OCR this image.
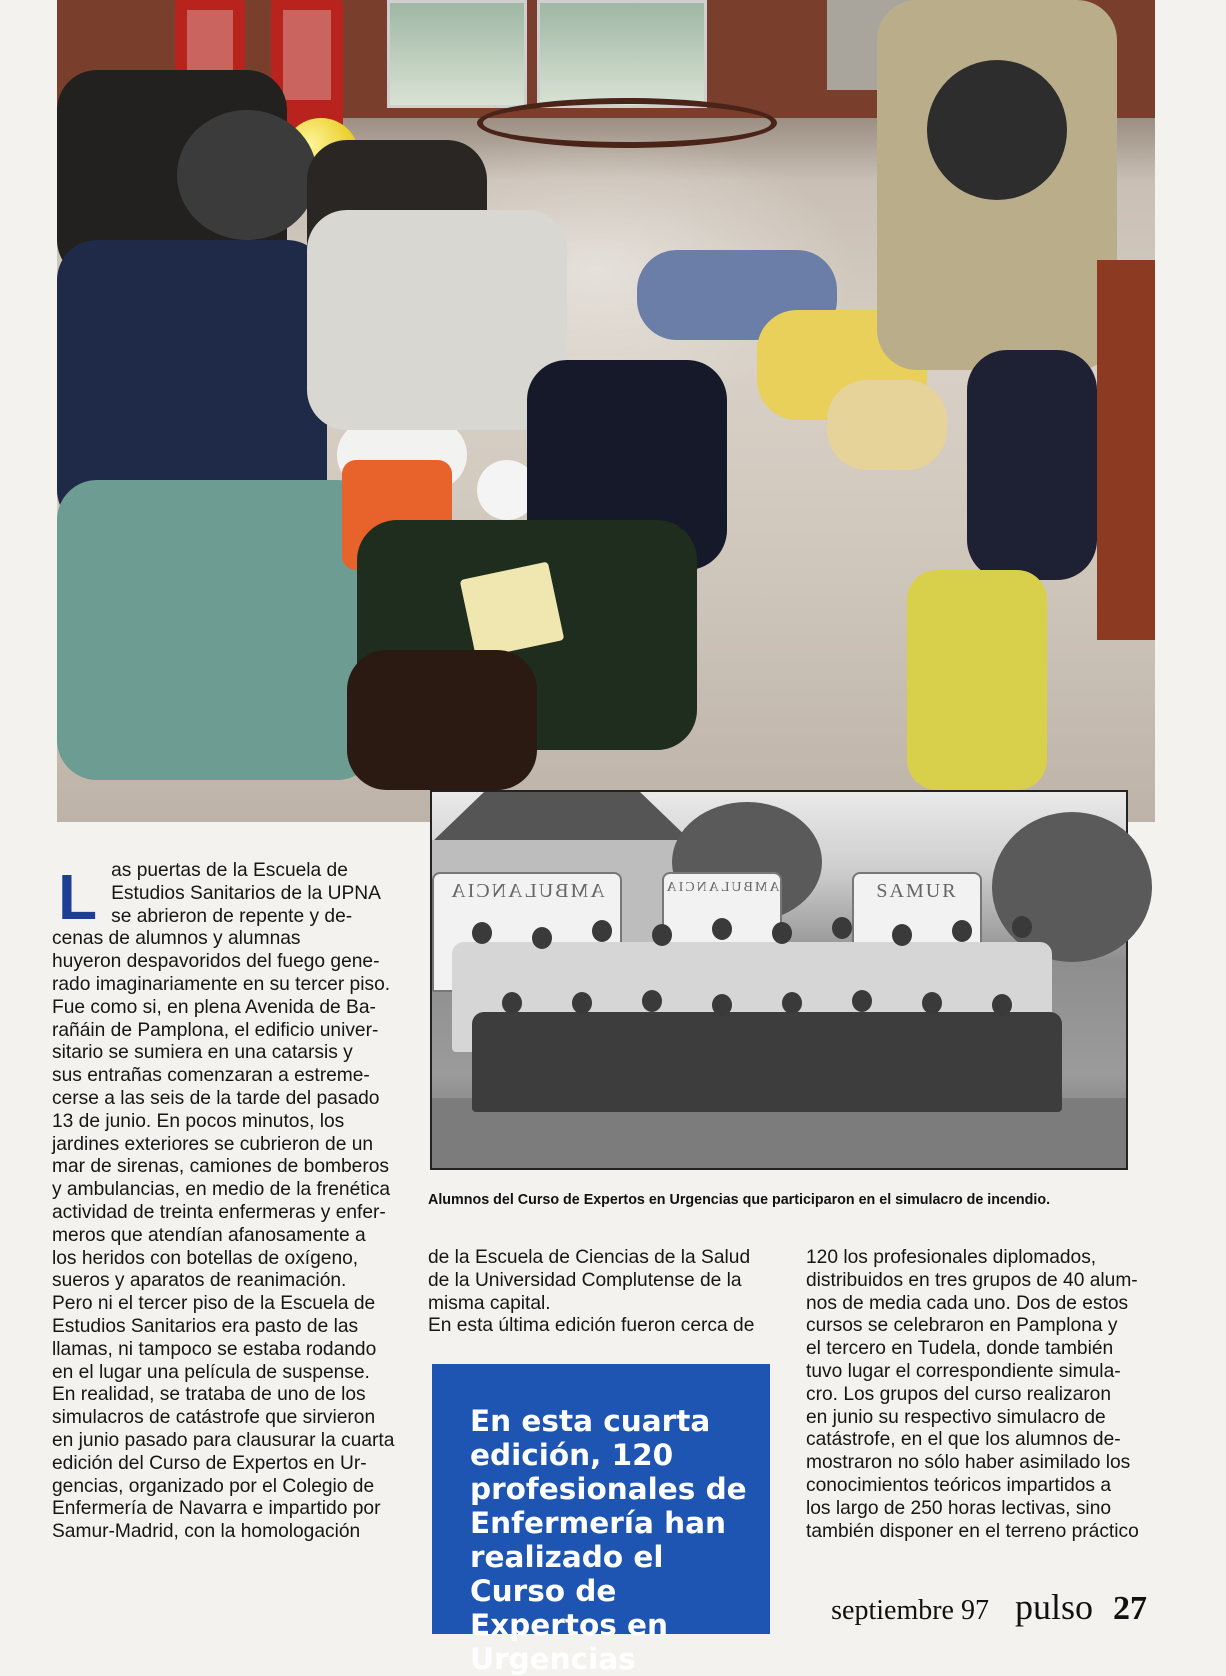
AMBULANCIA	AMBULANCIA	SAMUR
Alumnos del Curso de Expertos en Urgencias que participaron en el simulacro de incendio.
L as puertas de la Escuela de
Estudios Sanitarios de la UPNA
se abrieron de repente y de-
cenas de alumnos y alumnas
huyeron despavoridos del fuego gene-
rado imaginariamente en su tercer piso.
Fue como si, en plena Avenida de Ba-
rañáin de Pamplona, el edificio univer-
sitario se sumiera en una catarsis y
sus entrañas comenzaran a estreme-
cerse a las seis de la tarde del pasado
13 de junio. En pocos minutos, los
jardines exteriores se cubrieron de un
mar de sirenas, camiones de bomberos
y ambulancias, en medio de la frenética
actividad de treinta enfermeras y enfer-
meros que atendían afanosamente a
los heridos con botellas de oxígeno,
sueros y aparatos de reanimación.
Pero ni el tercer piso de la Escuela de
Estudios Sanitarios era pasto de las
llamas, ni tampoco se estaba rodando
en el lugar una película de suspense.
En realidad, se trataba de uno de los
simulacros de catástrofe que sirvieron
en junio pasado para clausurar la cuarta
edición del Curso de Expertos en Ur-
gencias, organizado por el Colegio de
Enfermería de Navarra e impartido por
Samur-Madrid, con la homologación
de la Escuela de Ciencias de la Salud
de la Universidad Complutense de la
misma capital.
En esta última edición fueron cerca de

En esta cuarta edición, 120 profesionales de Enfermería han realizado el Curso de Expertos en Urgencias

120 los profesionales diplomados,
distribuidos en tres grupos de 40 alum-
nos de media cada uno. Dos de estos
cursos se celebraron en Pamplona y
el tercero en Tudela, donde también
tuvo lugar el correspondiente simula-
cro. Los grupos del curso realizaron
en junio su respectivo simulacro de
catástrofe, en el que los alumnos de-
mostraron no sólo haber asimilado los
conocimientos teóricos impartidos a
los largo de 250 horas lectivas, sino
también disponer en el terreno práctico
septiembre 97 pulso 27
